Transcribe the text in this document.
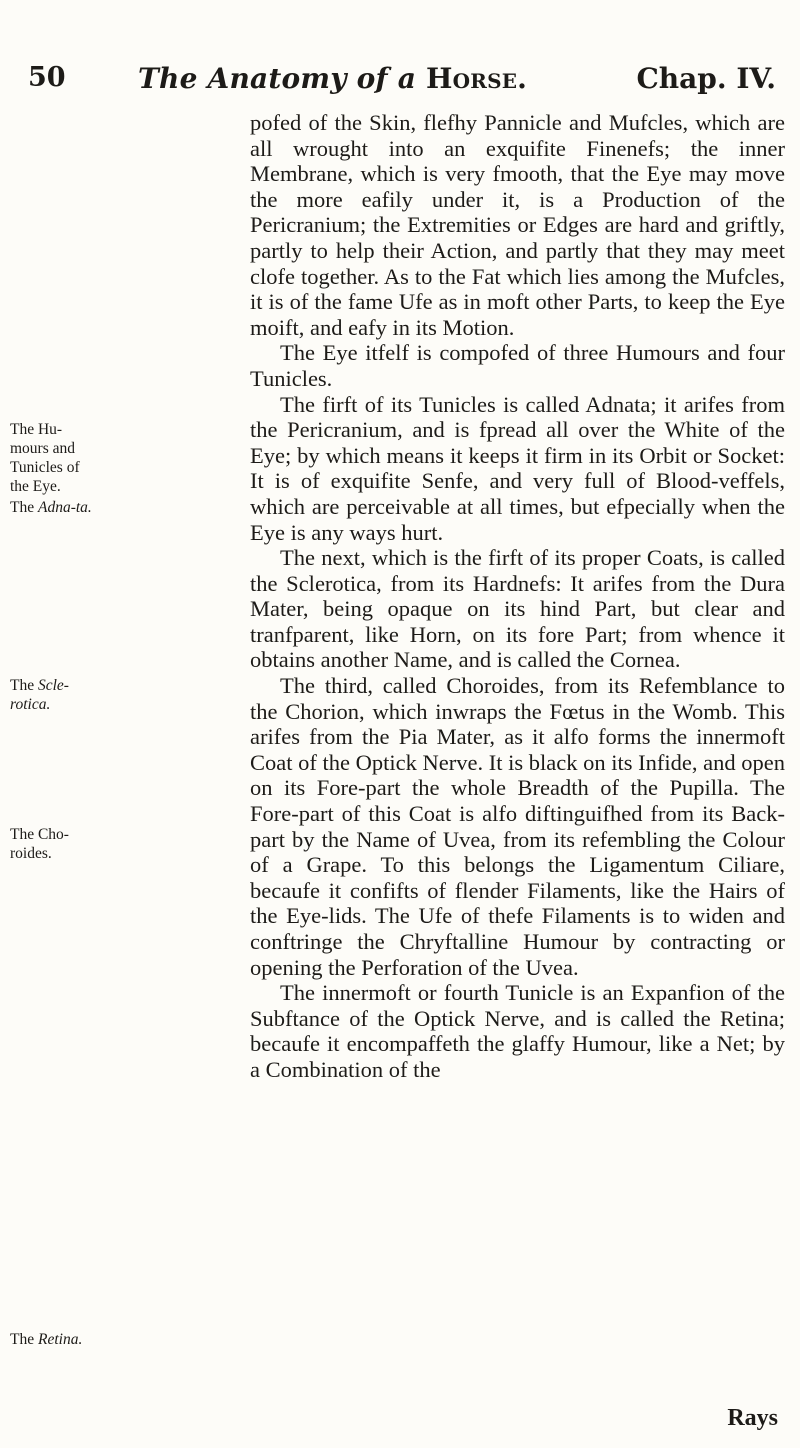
50	The Anatomy of a Horse.	Chap. IV.

pofed of the Skin, flefhy Pannicle and Mufcles, which are all wrought into an exquifite Finenefs; the inner Membrane, which is very fmooth, that the Eye may move the more eafily under it, is a Production of the Pericranium; the Extremities or Edges are hard and griftly, partly to help their Action, and partly that they may meet clofe together. As to the Fat which lies among the Mufcles, it is of the fame Ufe as in moft other Parts, to keep the Eye moift, and eafy in its Motion.

The Eye itfelf is compofed of three Humours and four Tunicles.

The firft of its Tunicles is called Adnata; it arifes from the Pericranium, and is fpread all over the White of the Eye; by which means it keeps it firm in its Orbit or Socket: It is of exquifite Senfe, and very full of Blood-veffels, which are perceivable at all times, but efpecially when the Eye is any ways hurt.

The next, which is the firft of its proper Coats, is called the Sclerotica, from its Hardnefs: It arifes from the Dura Mater, being opaque on its hind Part, but clear and tranfparent, like Horn, on its fore Part; from whence it obtains another Name, and is called the Cornea.

The third, called Choroides, from its Refemblance to the Chorion, which inwraps the Fœtus in the Womb. This arifes from the Pia Mater, as it alfo forms the innermoft Coat of the Optick Nerve. It is black on its Infide, and open on its Fore-part the whole Breadth of the Pupilla. The Fore-part of this Coat is alfo diftinguifhed from its Back-part by the Name of Uvea, from its refembling the Colour of a Grape. To this belongs the Ligamentum Ciliare, becaufe it confifts of flender Filaments, like the Hairs of the Eye-lids. The Ufe of thefe Filaments is to widen and conftringe the Chryftalline Humour by contracting or opening the Perforation of the Uvea.

The innermoft or fourth Tunicle is an Expanfion of the Subftance of the Optick Nerve, and is called the Retina; becaufe it encompaffeth the glaffy Humour, like a Net; by a Combination of the

The Hu-mours and Tunicles of the Eye.
The Adna-ta.
The Scle-rotica.
The Cho-roides.
The Retina.
Rays
